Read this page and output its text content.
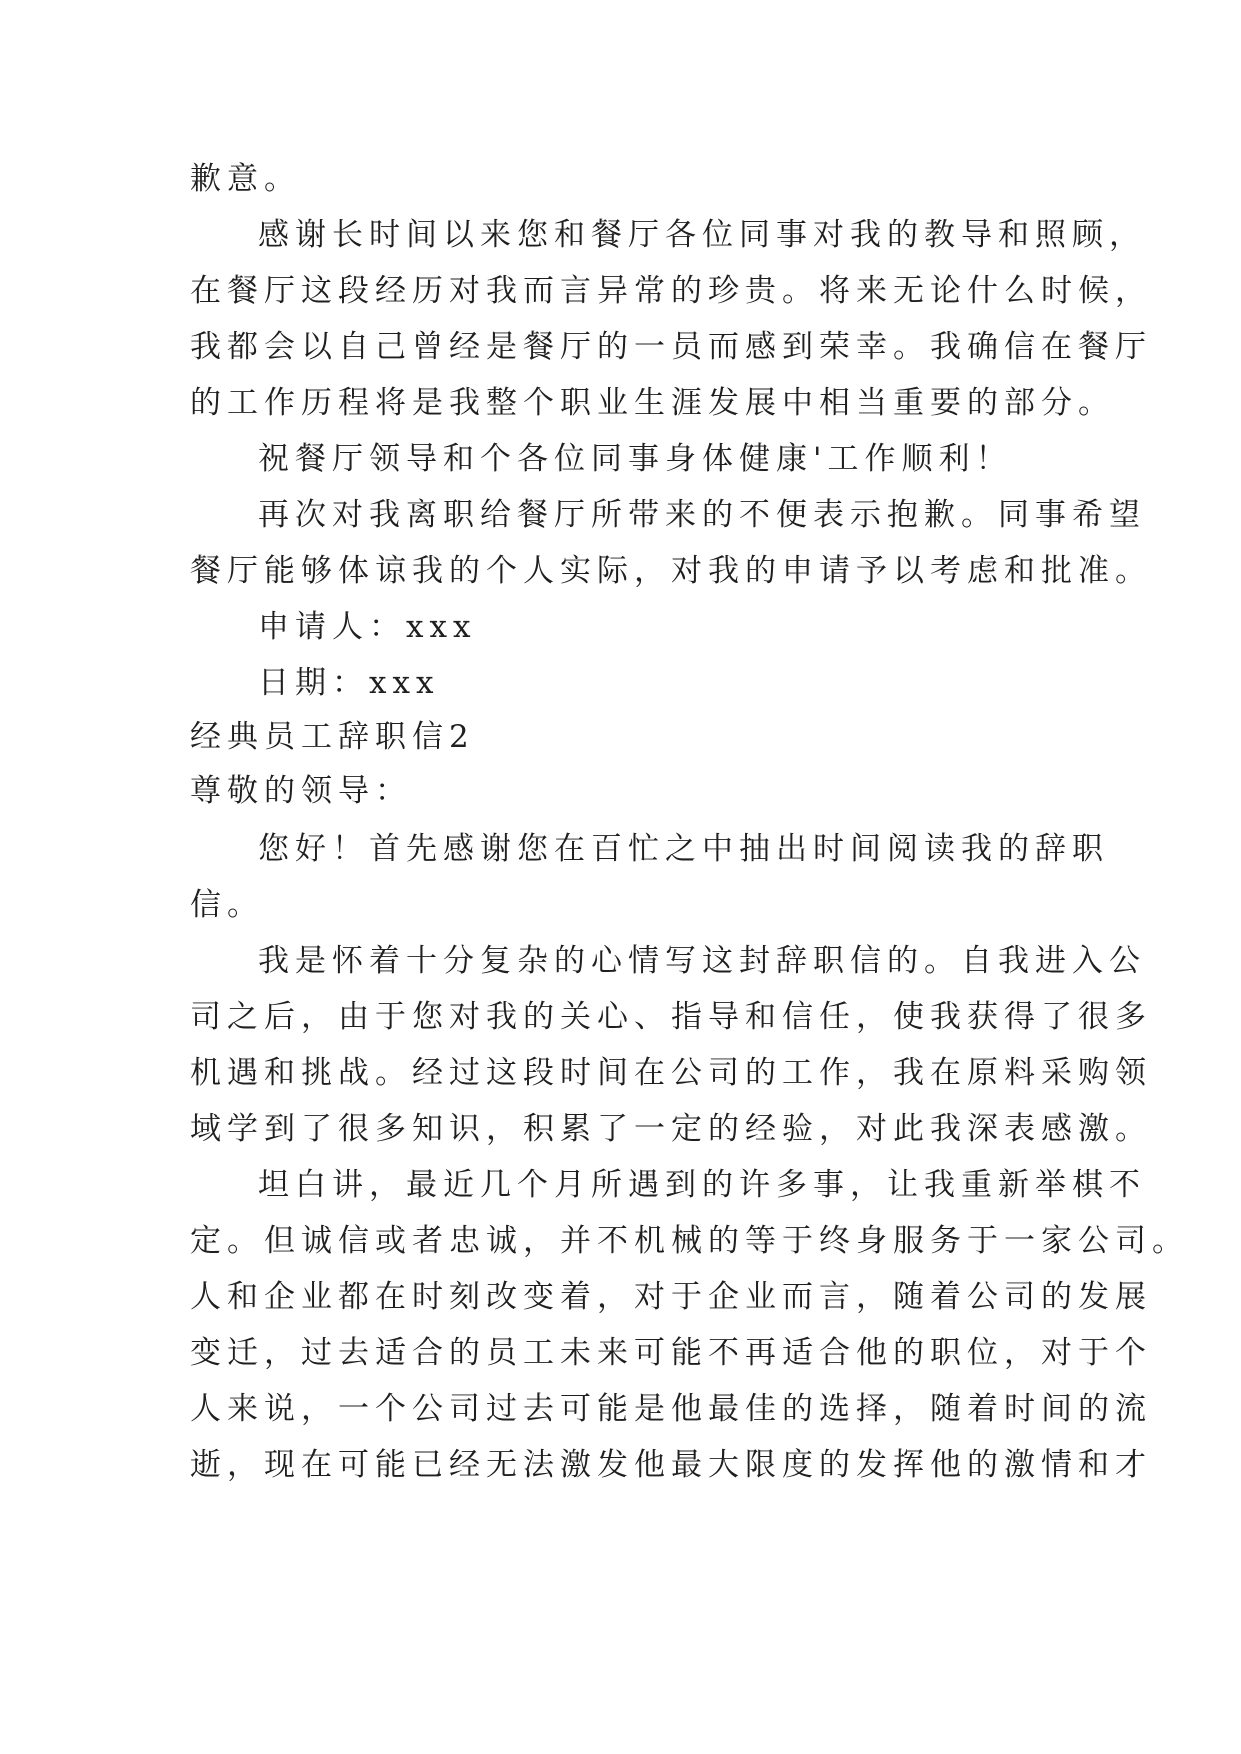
歉意。
感谢长时间以来您和餐厅各位同事对我的教导和照顾，
在餐厅这段经历对我而言异常的珍贵。将来无论什么时候，
我都会以自己曾经是餐厅的一员而感到荣幸。我确信在餐厅
的工作历程将是我整个职业生涯发展中相当重要的部分。
祝餐厅领导和个各位同事身体健康'工作顺利！
再次对我离职给餐厅所带来的不便表示抱歉。同事希望
餐厅能够体谅我的个人实际，对我的申请予以考虑和批准。
申请人：xxx
日期：xxx
经典员工辞职信2
尊敬的领导：
您好！首先感谢您在百忙之中抽出时间阅读我的辞职
信。
我是怀着十分复杂的心情写这封辞职信的。自我进入公
司之后，由于您对我的关心、指导和信任，使我获得了很多
机遇和挑战。经过这段时间在公司的工作，我在原料采购领
域学到了很多知识，积累了一定的经验，对此我深表感激。
坦白讲，最近几个月所遇到的许多事，让我重新举棋不
定。但诚信或者忠诚，并不机械的等于终身服务于一家公司。
人和企业都在时刻改变着，对于企业而言，随着公司的发展
变迁，过去适合的员工未来可能不再适合他的职位，对于个
人来说，一个公司过去可能是他最佳的选择，随着时间的流
逝，现在可能已经无法激发他最大限度的发挥他的激情和才
